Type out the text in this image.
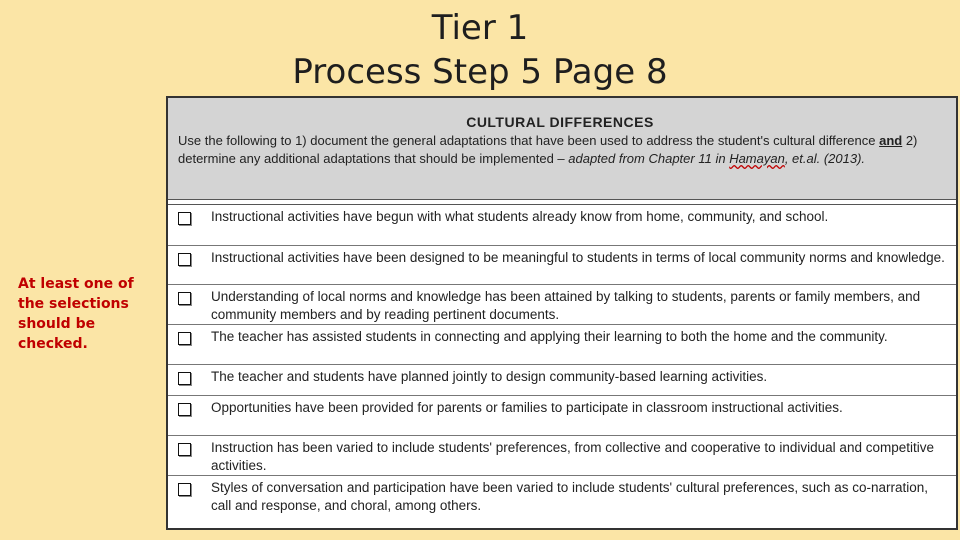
Tier 1
Process Step 5 Page 8
At least one of the selections should be checked.
CULTURAL DIFFERENCES
Use the following to 1) document the general adaptations that have been used to address the student's cultural difference and 2) determine any additional adaptations that should be implemented – adapted from Chapter 11 in Hamayan, et.al. (2013).
Instructional activities have begun with what students already know from home, community, and school.
Instructional activities have been designed to be meaningful to students in terms of local community norms and knowledge.
Understanding of local norms and knowledge has been attained by talking to students, parents or family members, and community members and by reading pertinent documents.
The teacher has assisted students in connecting and applying their learning to both the home and the community.
The teacher and students have planned jointly to design community-based learning activities.
Opportunities have been provided for parents or families to participate in classroom instructional activities.
Instruction has been varied to include students' preferences, from collective and cooperative to individual and competitive activities.
Styles of conversation and participation have been varied to include students' cultural preferences, such as co-narration, call and response, and choral, among others.
